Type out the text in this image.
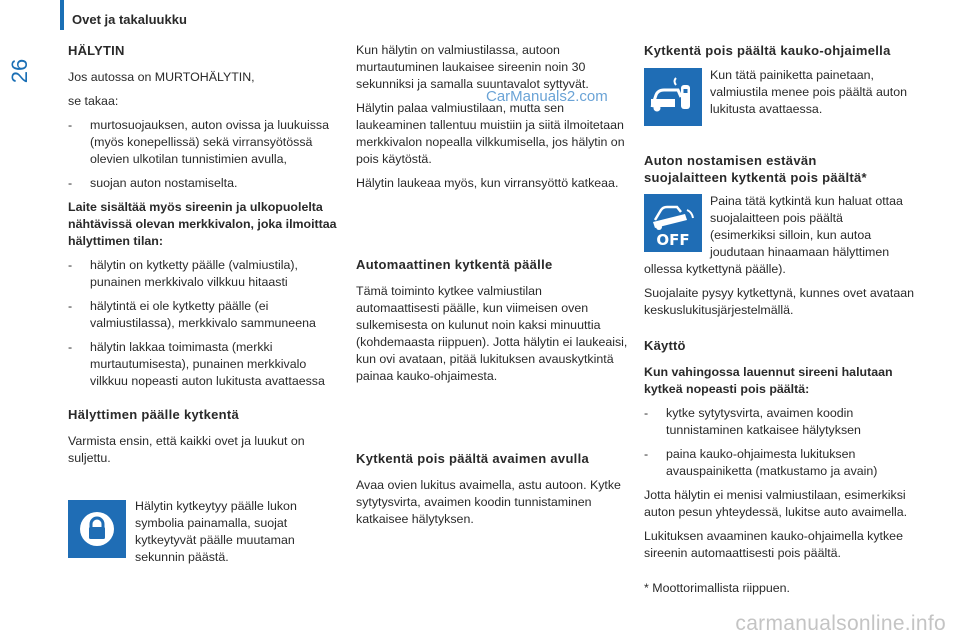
Ovet ja takaluukku
26
HÄLYTIN

Jos autossa on MURTOHÄLYTIN,

se takaa:

- murtosuojauksen, auton ovissa ja luukuissa (myös konepellissä) sekä virransyötössä olevien ulkotilan tunnistimien avulla,
- suojan auton nostamiselta.

Laite sisältää myös sireenin ja ulkopuolelta nähtävissä olevan merkkivalon, joka ilmoittaa hälyttimen tilan:

- hälytin on kytketty päälle (valmiustila), punainen merkkivalo vilkkuu hitaasti
- hälytintä ei ole kytketty päälle (ei valmiustilassa), merkkivalo sammuneena
- hälytin lakkaa toimimasta (merkki murtautumisesta), punainen merkkivalo vilkkuu nopeasti auton lukitusta avattaessa
Hälyttimen päälle kytkentä

Varmista ensin, että kaikki ovet ja luukut on suljettu.

Hälytin kytkeytyy päälle lukon symbolia painamalla, suojat kytkeytyvät päälle muutaman sekunnin päästä.

Kun hälytin on valmiustilassa, autoon murtautuminen laukaisee sireenin noin 30 sekunniksi ja samalla suuntavalot syttyvät.

Hälytin palaa valmiustilaan, mutta sen laukeaminen tallentuu muistiin ja siitä ilmoitetaan merkkivalon nopealla vilkkumisella, jos hälytin on pois käytöstä.

Hälytin laukeaa myös, kun virransyöttö katkeaa.

Automaattinen kytkentä päälle

Tämä toiminto kytkee valmiustilan automaattisesti päälle, kun viimeisen oven sulkemisesta on kulunut noin kaksi minuuttia (kohdemaasta riippuen). Jotta hälytin ei laukeaisi, kun ovi avataan, pitää lukituksen avauskytkintä painaa kauko-ohjaimesta.

Kytkentä pois päältä avaimen avulla

Avaa ovien lukitus avaimella, astu autoon. Kytke sytytysvirta, avaimen koodin tunnistaminen katkaisee hälytyksen.

Kytkentä pois päältä kauko-ohjaimella
Kun tätä painiketta painetaan, valmiustila menee pois päältä auton lukitusta avattaessa.
Auton nostamisen estävän
suojalaitteen kytkentä pois päältä*
OFF
Paina tätä kytkintä kun haluat ottaa suojalaitteen pois päältä (esimerkiksi silloin, kun autoa joudutaan hinaamaan hälyttimen

ollessa kytkettynä päälle).

Suojalaite pysyy kytkettynä, kunnes ovet avataan keskuslukitusjärjestelmällä.

Käyttö

Kun vahingossa lauennut sireeni halutaan kytkeä nopeasti pois päältä:

- kytke sytytysvirta, avaimen koodin tunnistaminen katkaisee hälytyksen
- paina kauko-ohjaimesta lukituksen avauspainiketta (matkustamo ja avain)

Jotta hälytin ei menisi valmiustilaan, esimerkiksi auton pesun yhteydessä, lukitse auto avaimella.

Lukituksen avaaminen kauko-ohjaimella kytkee sireenin automaattisesti pois päältä.

* Moottorimallista riippuen.

CarManuals2.com
carmanualsonline.info
